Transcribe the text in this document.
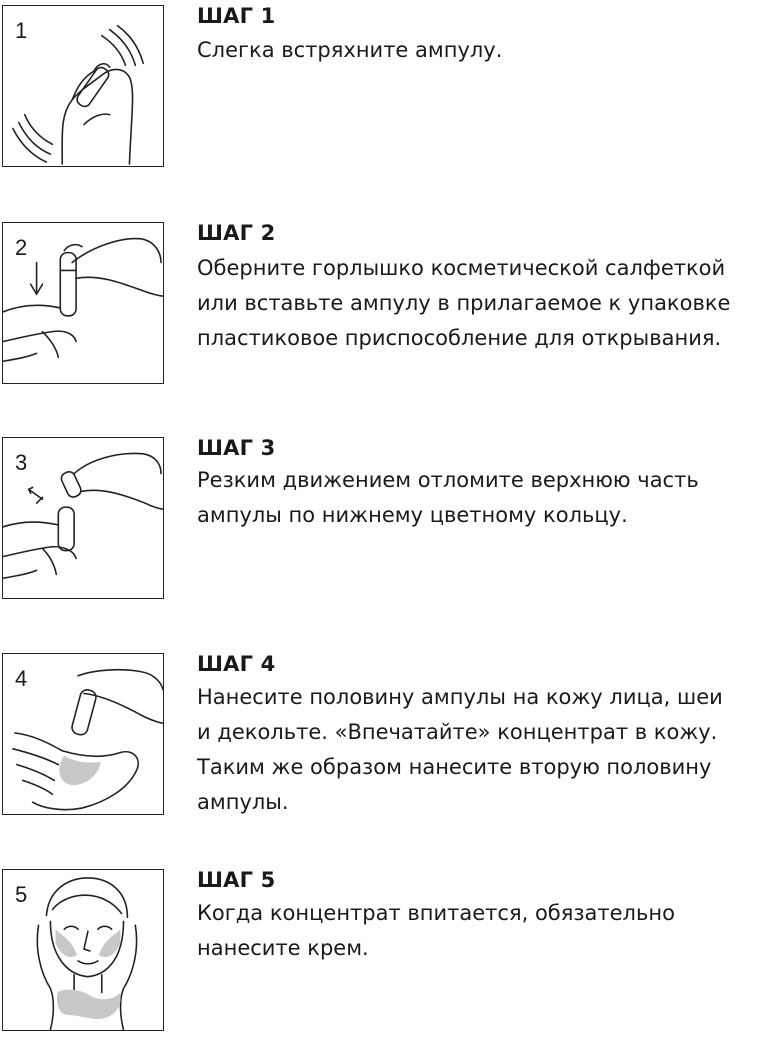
1
ШАГ 1
Слегка встряхните ампулу.
2
ШАГ 2
Оберните горлышко косметической салфеткой
или вставьте ампулу в прилагаемое к упаковке
пластиковое приспособление для открывания.
3
ШАГ 3
Резким движением отломите верхнюю часть
ампулы по нижнему цветному кольцу.
4
ШАГ 4
Нанесите половину ампулы на кожу лица, шеи
и декольте. «Впечатайте» концентрат в кожу.
Таким же образом нанесите вторую половину
ампулы.
5
ШАГ 5
Когда концентрат впитается, обязательно
нанесите крем.
